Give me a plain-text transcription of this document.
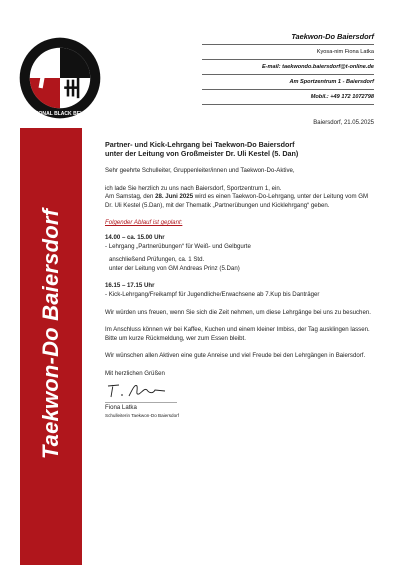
INTERNATIONAL BLACK BELT CENTER
Taekwon-Do Baiersdorf
Taekwon-Do Baiersdorf
Kyosa-nim Fiona Latka
E-mail: taekwondo.baiersdorf@t-online.de
Am Sportzentrum 1 - Baiersdorf
Mobil.: +49 172 1072798
Baiersdorf, 21.05.2025
Partner- und Kick-Lehrgang bei Taekwon-Do Baiersdorf
unter der Leitung von Großmeister Dr. Uli Kestel (5. Dan)

Sehr geehrte Schulleiter, Gruppenleiter/innen und Taekwon-Do-Aktive,

ich lade Sie herzlich zu uns nach Baiersdorf, Sportzentrum 1, ein.
Am Samstag, den 28. Juni 2025 wird es einen Taekwon-Do-Lehrgang, unter der Leitung vom GM Dr. Uli Kestel (5.Dan), mit der Thematik „Partnerübungen und Kicklehrgang“ geben.

Folgender Ablauf ist geplant:

14.00 – ca. 15.00 Uhr

- Lehrgang „Partnerübungen“ für Weiß- und Gelbgurte

anschließend Prüfungen, ca. 1 Std.

unter der Leitung von GM Andreas Prinz (5.Dan)

16.15 – 17.15 Uhr

- Kick-Lehrgang/Freikampf für Jugendliche/Erwachsene ab 7.Kup bis Danträger

Wir würden uns freuen, wenn Sie sich die Zeit nehmen, um diese Lehrgänge bei uns zu besuchen.

Im Anschluss können wir bei Kaffee, Kuchen und einem kleiner Imbiss, der Tag ausklingen lassen.
Bitte um kurze Rückmeldung, wer zum Essen bleibt.

Wir wünschen allen Aktiven eine gute Anreise und viel Freude bei den Lehrgängen in Baiersdorf.

Mit herzlichen Grüßen

Fiona Latka

Schulleiterin Taekwon-Do Baiersdorf
